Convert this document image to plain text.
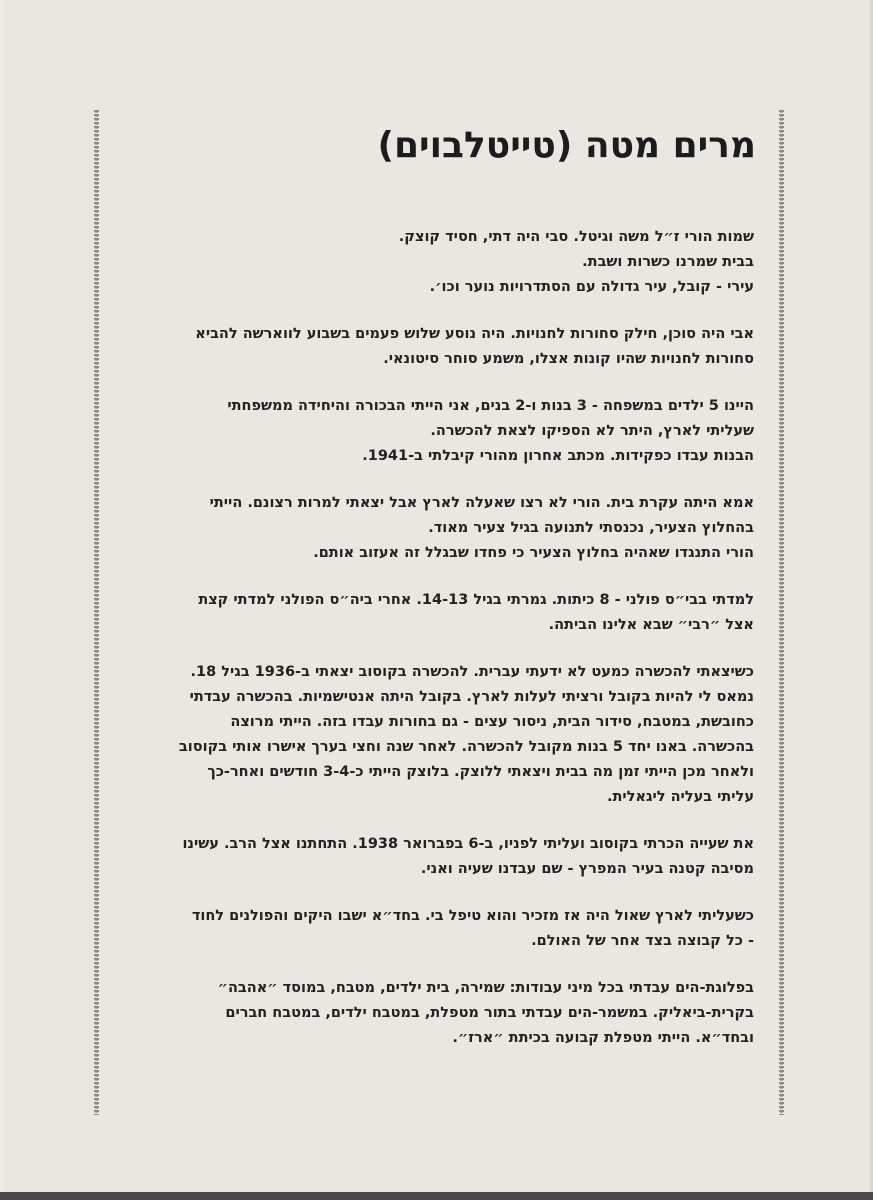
מרים מטה (טייטלבוים)

שמות הורי ז״ל משה וגיטל. סבי היה דתי, חסיד קוצק.
בבית שמרנו כשרות ושבת.
עירי - קובל, עיר גדולה עם הסתדרויות נוער וכו׳.

אבי היה סוכן, חילק סחורות לחנויות. היה נוסע שלוש פעמים בשבוע לווארשה להביא
סחורות לחנויות שהיו קונות אצלו, משמע סוחר סיטונאי.

היינו 5 ילדים במשפחה - 3 בנות ו-2 בנים, אני הייתי הבכורה והיחידה ממשפחתי
שעליתי לארץ, היתר לא הספיקו לצאת להכשרה.
הבנות עבדו כפקידות. מכתב אחרון מהורי קיבלתי ב-1941.

אמא היתה עקרת בית. הורי לא רצו שאעלה לארץ אבל יצאתי למרות רצונם. הייתי
בהחלוץ הצעיר, נכנסתי לתנועה בגיל צעיר מאוד.
הורי התנגדו שאהיה בחלוץ הצעיר כי פחדו שבגלל זה אעזוב אותם.

למדתי בבי״ס פולני - 8 כיתות. גמרתי בגיל 14-13. אחרי ביה״ס הפולני למדתי קצת
אצל ״רבי״ שבא אלינו הביתה.

כשיצאתי להכשרה כמעט לא ידעתי עברית. להכשרה בקוסוב יצאתי ב-1936 בגיל 18.
נמאס לי להיות בקובל ורציתי לעלות לארץ. בקובל היתה אנטישמיות. בהכשרה עבדתי
כחובשת, במטבח, סידור הבית, ניסור עצים - גם בחורות עבדו בזה. הייתי מרוצה
בהכשרה. באנו יחד 5 בנות מקובל להכשרה. לאחר שנה וחצי בערך אישרו אותי בקוסוב
ולאחר מכן הייתי זמן מה בבית ויצאתי ללוצק. בלוצק הייתי כ-3-4 חודשים ואחר-כך
עליתי בעליה ליגאלית.

את שעייה הכרתי בקוסוב ועליתי לפניו, ב-6 בפברואר 1938. התחתנו אצל הרב. עשינו
מסיבה קטנה בעיר המפרץ - שם עבדנו שעיה ואני.

כשעליתי לארץ שאול היה אז מזכיר והוא טיפל בי. בחד״א ישבו היקים והפולנים לחוד
- כל קבוצה בצד אחר של האולם.

בפלוגת-הים עבדתי בכל מיני עבודות: שמירה, בית ילדים, מטבח, במוסד ״אהבה״
בקרית-ביאליק. במשמר-הים עבדתי בתור מטפלת, במטבח ילדים, במטבח חברים
ובחד״א. הייתי מטפלת קבועה בכיתת ״ארז״.
